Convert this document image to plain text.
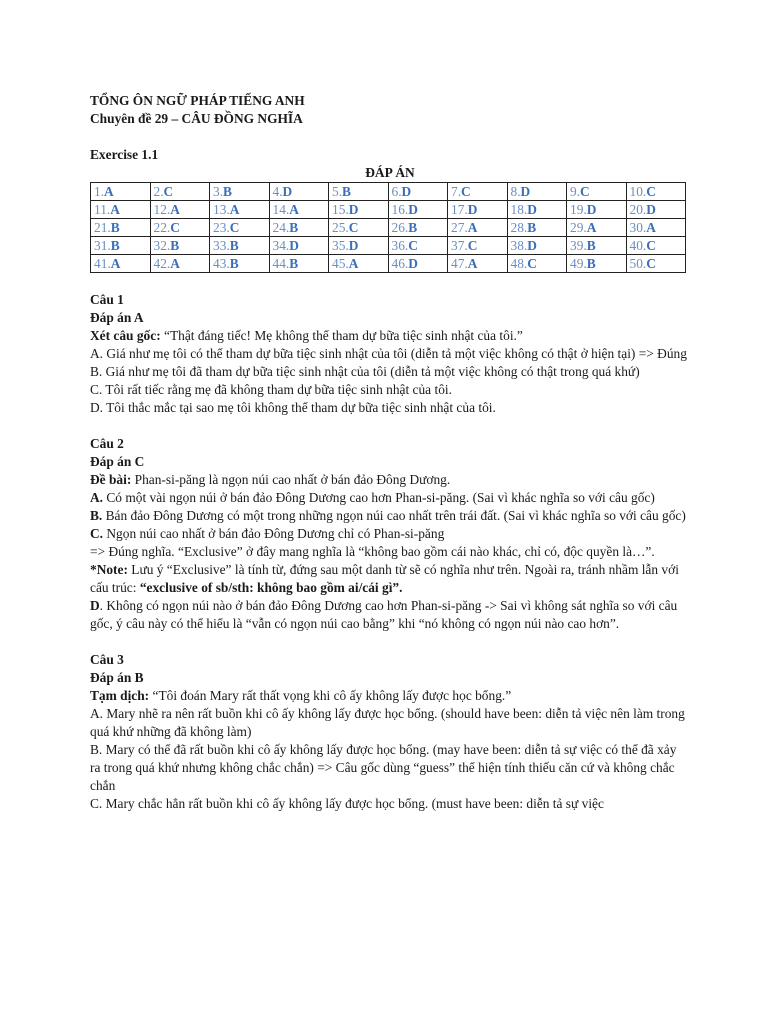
TỔNG ÔN NGỮ PHÁP TIẾNG ANH
Chuyên đề 29 – CÂU ĐỒNG NGHĨA
Exercise 1.1
ĐÁP ÁN
1.A	2.C	3.B	4.D	5.B	6.D	7.C	8.D	9.C	10.C
11.A	12.A	13.A	14.A	15.D	16.D	17.D	18.D	19.D	20.D
21.B	22.C	23.C	24.B	25.C	26.B	27.A	28.B	29.A	30.A
31.B	32.B	33.B	34.D	35.D	36.C	37.C	38.D	39.B	40.C
41.A	42.A	43.B	44.B	45.A	46.D	47.A	48.C	49.B	50.C
Câu 1
Đáp án A

Xét câu gốc: “Thật đáng tiếc! Mẹ không thể tham dự bữa tiệc sinh nhật của tôi.”

A. Giá như mẹ tôi có thể tham dự bữa tiệc sinh nhật của tôi (diễn tả một việc không có thật ở hiện tại) => Đúng

B. Giá như mẹ tôi đã tham dự bữa tiệc sinh nhật của tôi (diễn tả một việc không có thật trong quá khứ)

C. Tôi rất tiếc rằng mẹ đã không tham dự bữa tiệc sinh nhật của tôi.

D. Tôi thắc mắc tại sao mẹ tôi không thể tham dự bữa tiệc sinh nhật của tôi.

Câu 2
Đáp án C

Đề bài: Phan-si-păng là ngọn núi cao nhất ở bán đảo Đông Dương.

A. Có một vài ngọn núi ở bán đảo Đông Dương cao hơn Phan-si-păng. (Sai vì khác nghĩa so với câu gốc)

B. Bán đảo Đông Dương có một trong những ngọn núi cao nhất trên trái đất. (Sai vì khác nghĩa so với câu gốc)

C. Ngọn núi cao nhất ở bán đảo Đông Dương chỉ có Phan-si-păng

=> Đúng nghĩa. “Exclusive” ở đây mang nghĩa là “không bao gồm cái nào khác, chỉ có, độc quyền là…”.

*Note: Lưu ý “Exclusive” là tính từ, đứng sau một danh từ sẽ có nghĩa như trên. Ngoài ra, tránh nhầm lẫn với cấu trúc: “exclusive of sb/sth: không bao gồm ai/cái gì”.

D. Không có ngọn núi nào ở bán đảo Đông Dương cao hơn Phan-si-păng -> Sai vì không sát nghĩa so với câu gốc, ý câu này có thể hiểu là “vẫn có ngọn núi cao bằng” khi “nó không có ngọn núi nào cao hơn”.

Câu 3
Đáp án B

Tạm dịch: “Tôi đoán Mary rất thất vọng khi cô ấy không lấy được học bổng.”

A. Mary nhẽ ra nên rất buồn khi cô ấy không lấy được học bổng. (should have been: diễn tả việc nên làm trong quá khứ những đã không làm)

B. Mary có thể đã rất buồn khi cô ấy không lấy được học bổng. (may have been: diễn tả sự việc có thể đã xảy ra trong quá khứ nhưng không chắc chắn) => Câu gốc dùng “guess” thể hiện tính thiếu căn cứ và không chắc chắn

C. Mary chắc hẳn rất buồn khi cô ấy không lấy được học bổng. (must have been: diễn tả sự việc
